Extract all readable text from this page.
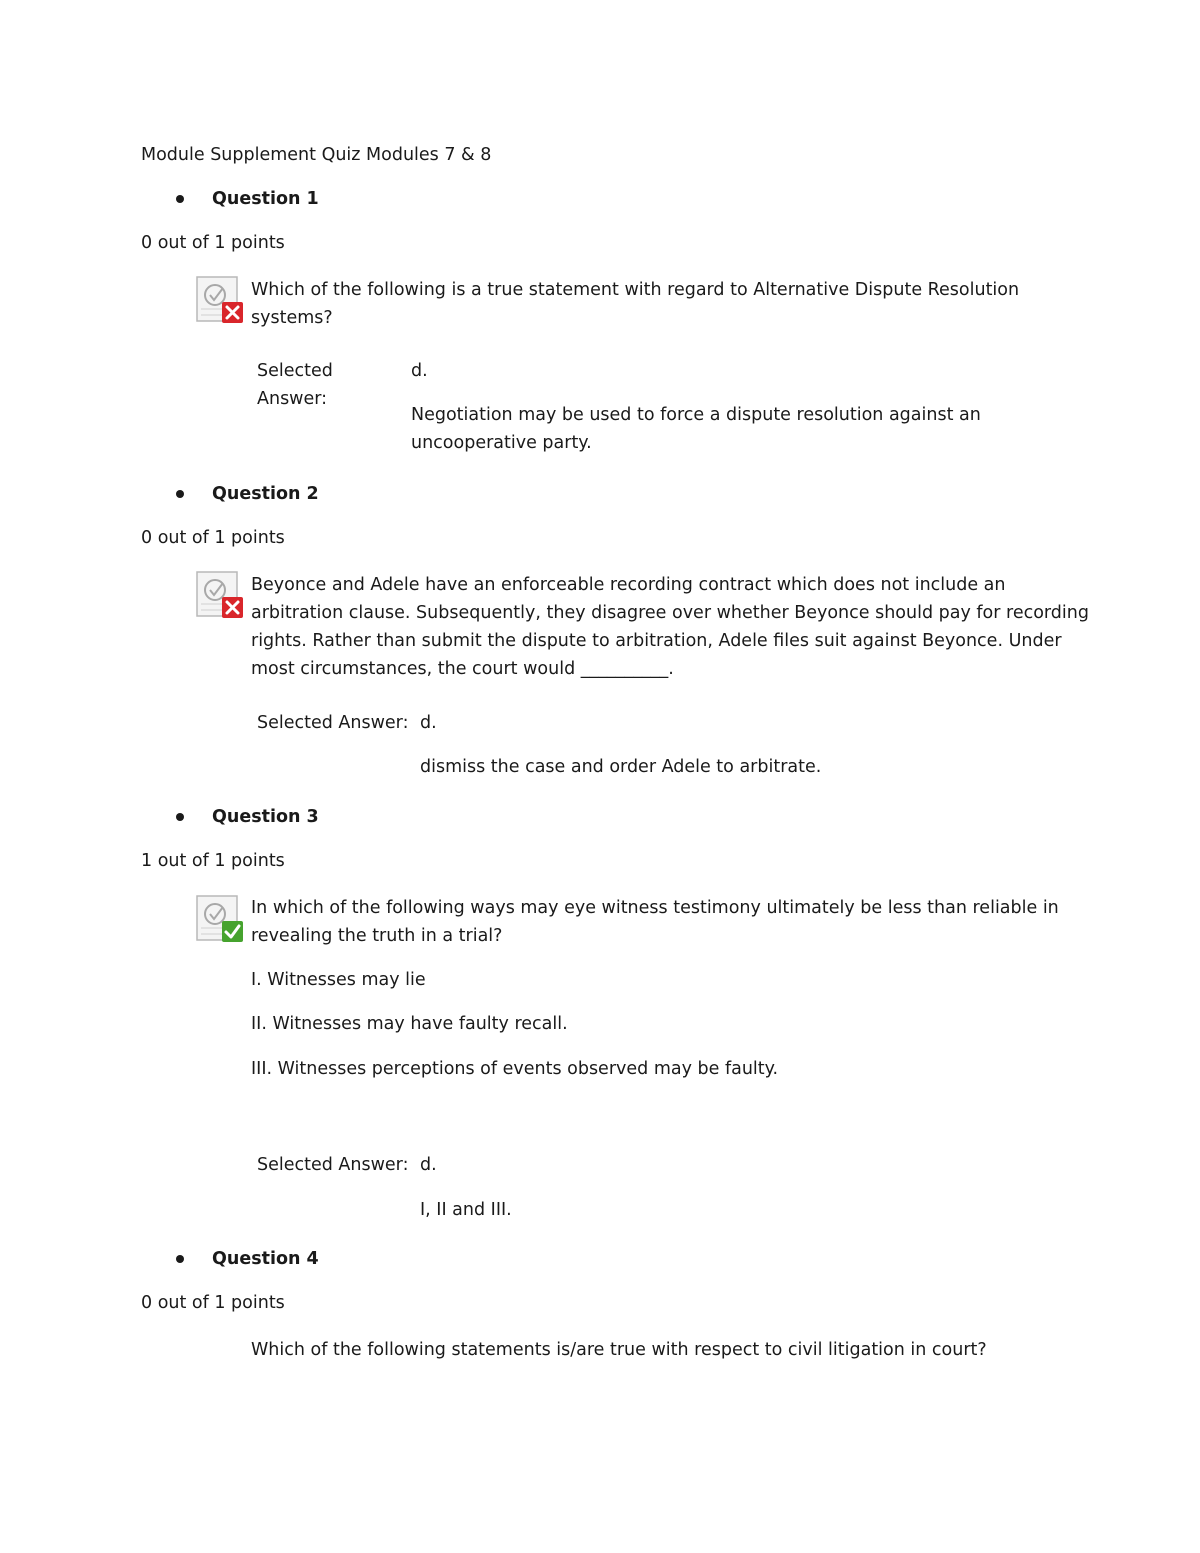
Module Supplement Quiz Modules 7 & 8
Question 1
0 out of 1 points
Which of the following is a true statement with regard to Alternative Dispute Resolution
systems?
Selected
Answer:
d.
Negotiation may be used to force a dispute resolution against an
uncooperative party.
Question 2
0 out of 1 points
Beyonce and Adele have an enforceable recording contract which does not include an
arbitration clause. Subsequently, they disagree over whether Beyonce should pay for recording
rights. Rather than submit the dispute to arbitration, Adele files suit against Beyonce. Under
most circumstances, the court would __________.
Selected Answer: d.
dismiss the case and order Adele to arbitrate.
Question 3
1 out of 1 points
In which of the following ways may eye witness testimony ultimately be less than reliable in
revealing the truth in a trial?
I. Witnesses may lie
II. Witnesses may have faulty recall.
III. Witnesses perceptions of events observed may be faulty.
Selected Answer: d.
I, II and III.
Question 4
0 out of 1 points
Which of the following statements is/are true with respect to civil litigation in court?
